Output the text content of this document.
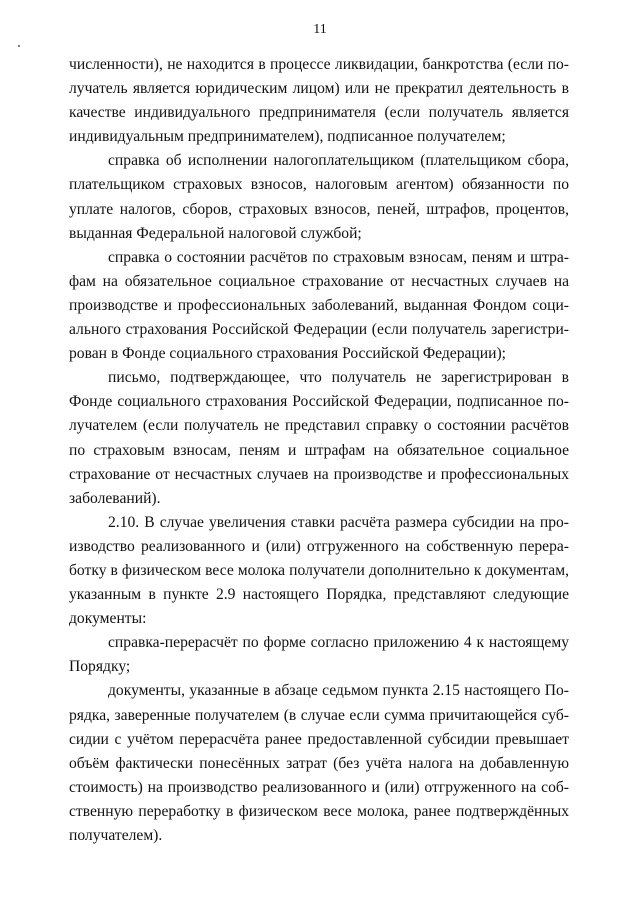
11
численности), не находится в процессе ликвидации, банкротства (если по-
лучатель является юридическим лицом) или не прекратил деятельность в
качестве индивидуального предпринимателя (если получатель является
индивидуальным предпринимателем), подписанное получателем;
справка об исполнении налогоплательщиком (плательщиком сбора,
плательщиком страховых взносов, налоговым агентом) обязанности по
уплате налогов, сборов, страховых взносов, пеней, штрафов, процентов,
выданная Федеральной налоговой службой;
справка о состоянии расчётов по страховым взносам, пеням и штра-
фам на обязательное социальное страхование от несчастных случаев на
производстве и профессиональных заболеваний, выданная Фондом соци-
ального страхования Российской Федерации (если получатель зарегистри-
рован в Фонде социального страхования Российской Федерации);
письмо, подтверждающее, что получатель не зарегистрирован в
Фонде социального страхования Российской Федерации, подписанное по-
лучателем (если получатель не представил справку о состоянии расчётов
по страховым взносам, пеням и штрафам на обязательное социальное
страхование от несчастных случаев на производстве и профессиональных
заболеваний).
2.10. В случае увеличения ставки расчёта размера субсидии на про-
изводство реализованного и (или) отгруженного на собственную перера-
ботку в физическом весе молока получатели дополнительно к документам,
указанным в пункте 2.9 настоящего Порядка, представляют следующие
документы:
справка-перерасчёт по форме согласно приложению 4 к настоящему
Порядку;
документы, указанные в абзаце седьмом пункта 2.15 настоящего По-
рядка, заверенные получателем (в случае если сумма причитающейся суб-
сидии с учётом перерасчёта ранее предоставленной субсидии превышает
объём фактически понесённых затрат (без учёта налога на добавленную
стоимость) на производство реализованного и (или) отгруженного на соб-
ственную переработку в физическом весе молока, ранее подтверждённых
получателем).
